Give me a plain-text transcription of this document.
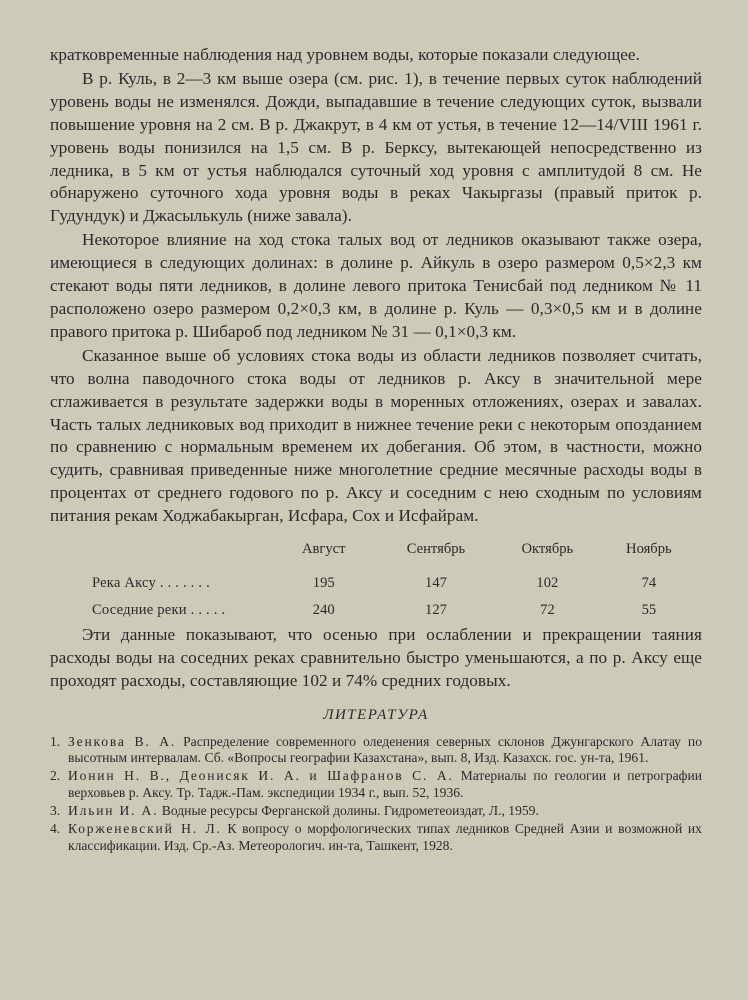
кратковременные наблюдения над уровнем воды, которые показали следующее.

В р. Куль, в 2—3 км выше озера (см. рис. 1), в течение первых суток наблюдений уровень воды не изменялся. Дожди, выпадавшие в течение следующих суток, вызвали повышение уровня на 2 см. В р. Джакрут, в 4 км от устья, в течение 12—14/VIII 1961 г. уровень воды понизился на 1,5 см. В р. Берксу, вытекающей непосредственно из ледника, в 5 км от устья наблюдался суточный ход уровня с амплитудой 8 см. Не обнаружено суточного хода уровня воды в реках Чакыргазы (правый приток р. Гудундук) и Джасылькуль (ниже завала).

Некоторое влияние на ход стока талых вод от ледников оказывают также озера, имеющиеся в следующих долинах: в долине р. Айкуль в озеро размером 0,5×2,3 км стекают воды пяти ледников, в долине левого притока Тенисбай под ледником № 11 расположено озеро размером 0,2×0,3 км, в долине р. Куль — 0,3×0,5 км и в долине правого притока р. Шибароб под ледником № 31 — 0,1×0,3 км.

Сказанное выше об условиях стока воды из области ледников позволяет считать, что волна паводочного стока воды от ледников р. Аксу в значительной мере сглаживается в результате задержки воды в моренных отложениях, озерах и завалах. Часть талых ледниковых вод приходит в нижнее течение реки с некоторым опозданием по сравнению с нормальным временем их добегания. Об этом, в частности, можно судить, сравнивая приведенные ниже многолетние средние месячные расходы воды в процентах от среднего годового по р. Аксу и соседним с нею сходным по условиям питания рекам Ходжабакырган, Исфара, Сох и Исфайрам.

	Август	Сентябрь	Октябрь	Ноябрь
Река Аксу . . . . . . .	195	147	102	74
Соседние реки . . . . .	240	127	72	55

Эти данные показывают, что осенью при ослаблении и прекращении таяния расходы воды на соседних реках сравнительно быстро уменьшаются, а по р. Аксу еще проходят расходы, составляющие 102 и 74% средних годовых.

ЛИТЕРАТУРА
1. Зенкова В. А. Распределение современного оледенения северных склонов Джунгарского Алатау по высотным интервалам. Сб. «Вопросы географии Казахстана», вып. 8, Изд. Казахск. гос. ун-та, 1961.
2. Ионин Н. В., Деонисяк И. А. и Шафранов С. А. Материалы по геологии и петрографии верховьев р. Аксу. Тр. Тадж.-Пам. экспедиции 1934 г., вып. 52, 1936.
3. Ильин И. А. Водные ресурсы Ферганской долины. Гидрометеоиздат, Л., 1959.
4. Корженевский Н. Л. К вопросу о морфологических типах ледников Средней Азии и возможной их классификации. Изд. Ср.-Аз. Метеорологич. ин-та, Ташкент, 1928.
